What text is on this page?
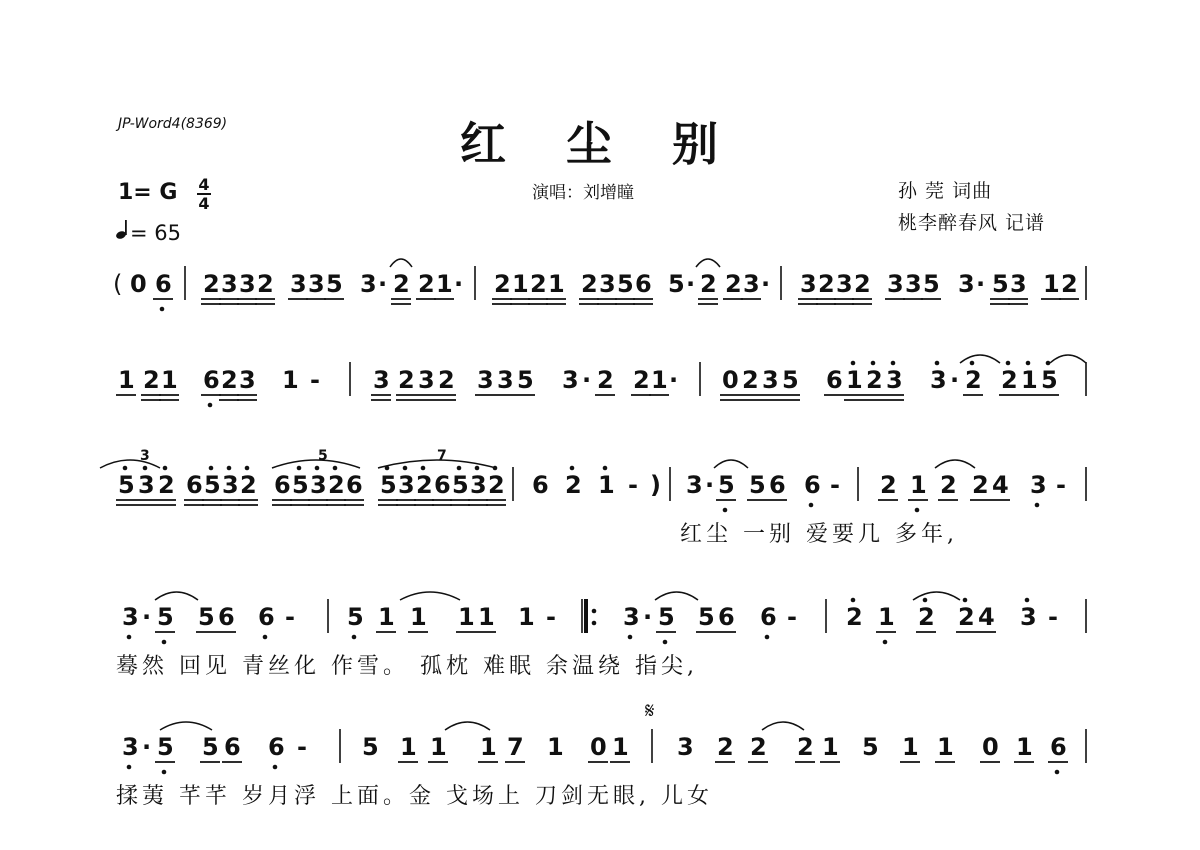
JP-Word4(8369)	红 尘 别
演唱：刘增瞳	孙 莞 词曲
桃李醉春风 记谱
1= G 4
4
= 65
0 6 2 3 3 2 3 3 5 3 · 2 2 1 · 2 1 2 1 2 3 5 6 5 · 2 2 3 · 3 2 3 2 3 3 5 3 · 5 3 1 2
(
1 2 1 6 2 3 1 - 3 2 3 2 3 3 5 3 · 2 2 1 · 0 2 3 5 6 1 2 3 3 · 2 2 1 5
5 3 2 6 5 3 2 6 5 3 2 6 5 3 2 6 5 3 2 6 2 1 - ) 3 · 5 5 6 6 - 2 1 2 2 4 3 -
3	5	7
红尘 一别 爱要几 多年,
3 · 5 5 6 6 - 5 1 1 1 1 1 -	3 · 5 5 6 6 - 2 1 2 2 4 3 -
蓦然 回见 青丝化 作雪。 孤枕 难眠 余温绕 指尖,
3 · 5 5 6 6 - 5 1 1 1 7 1 0 1 3 2 2 2 1 5 1 1 0 1 6
𝄋
揉荑 芊芊 岁月浮 上面。金 戈场上 刀剑无眼, 儿女
